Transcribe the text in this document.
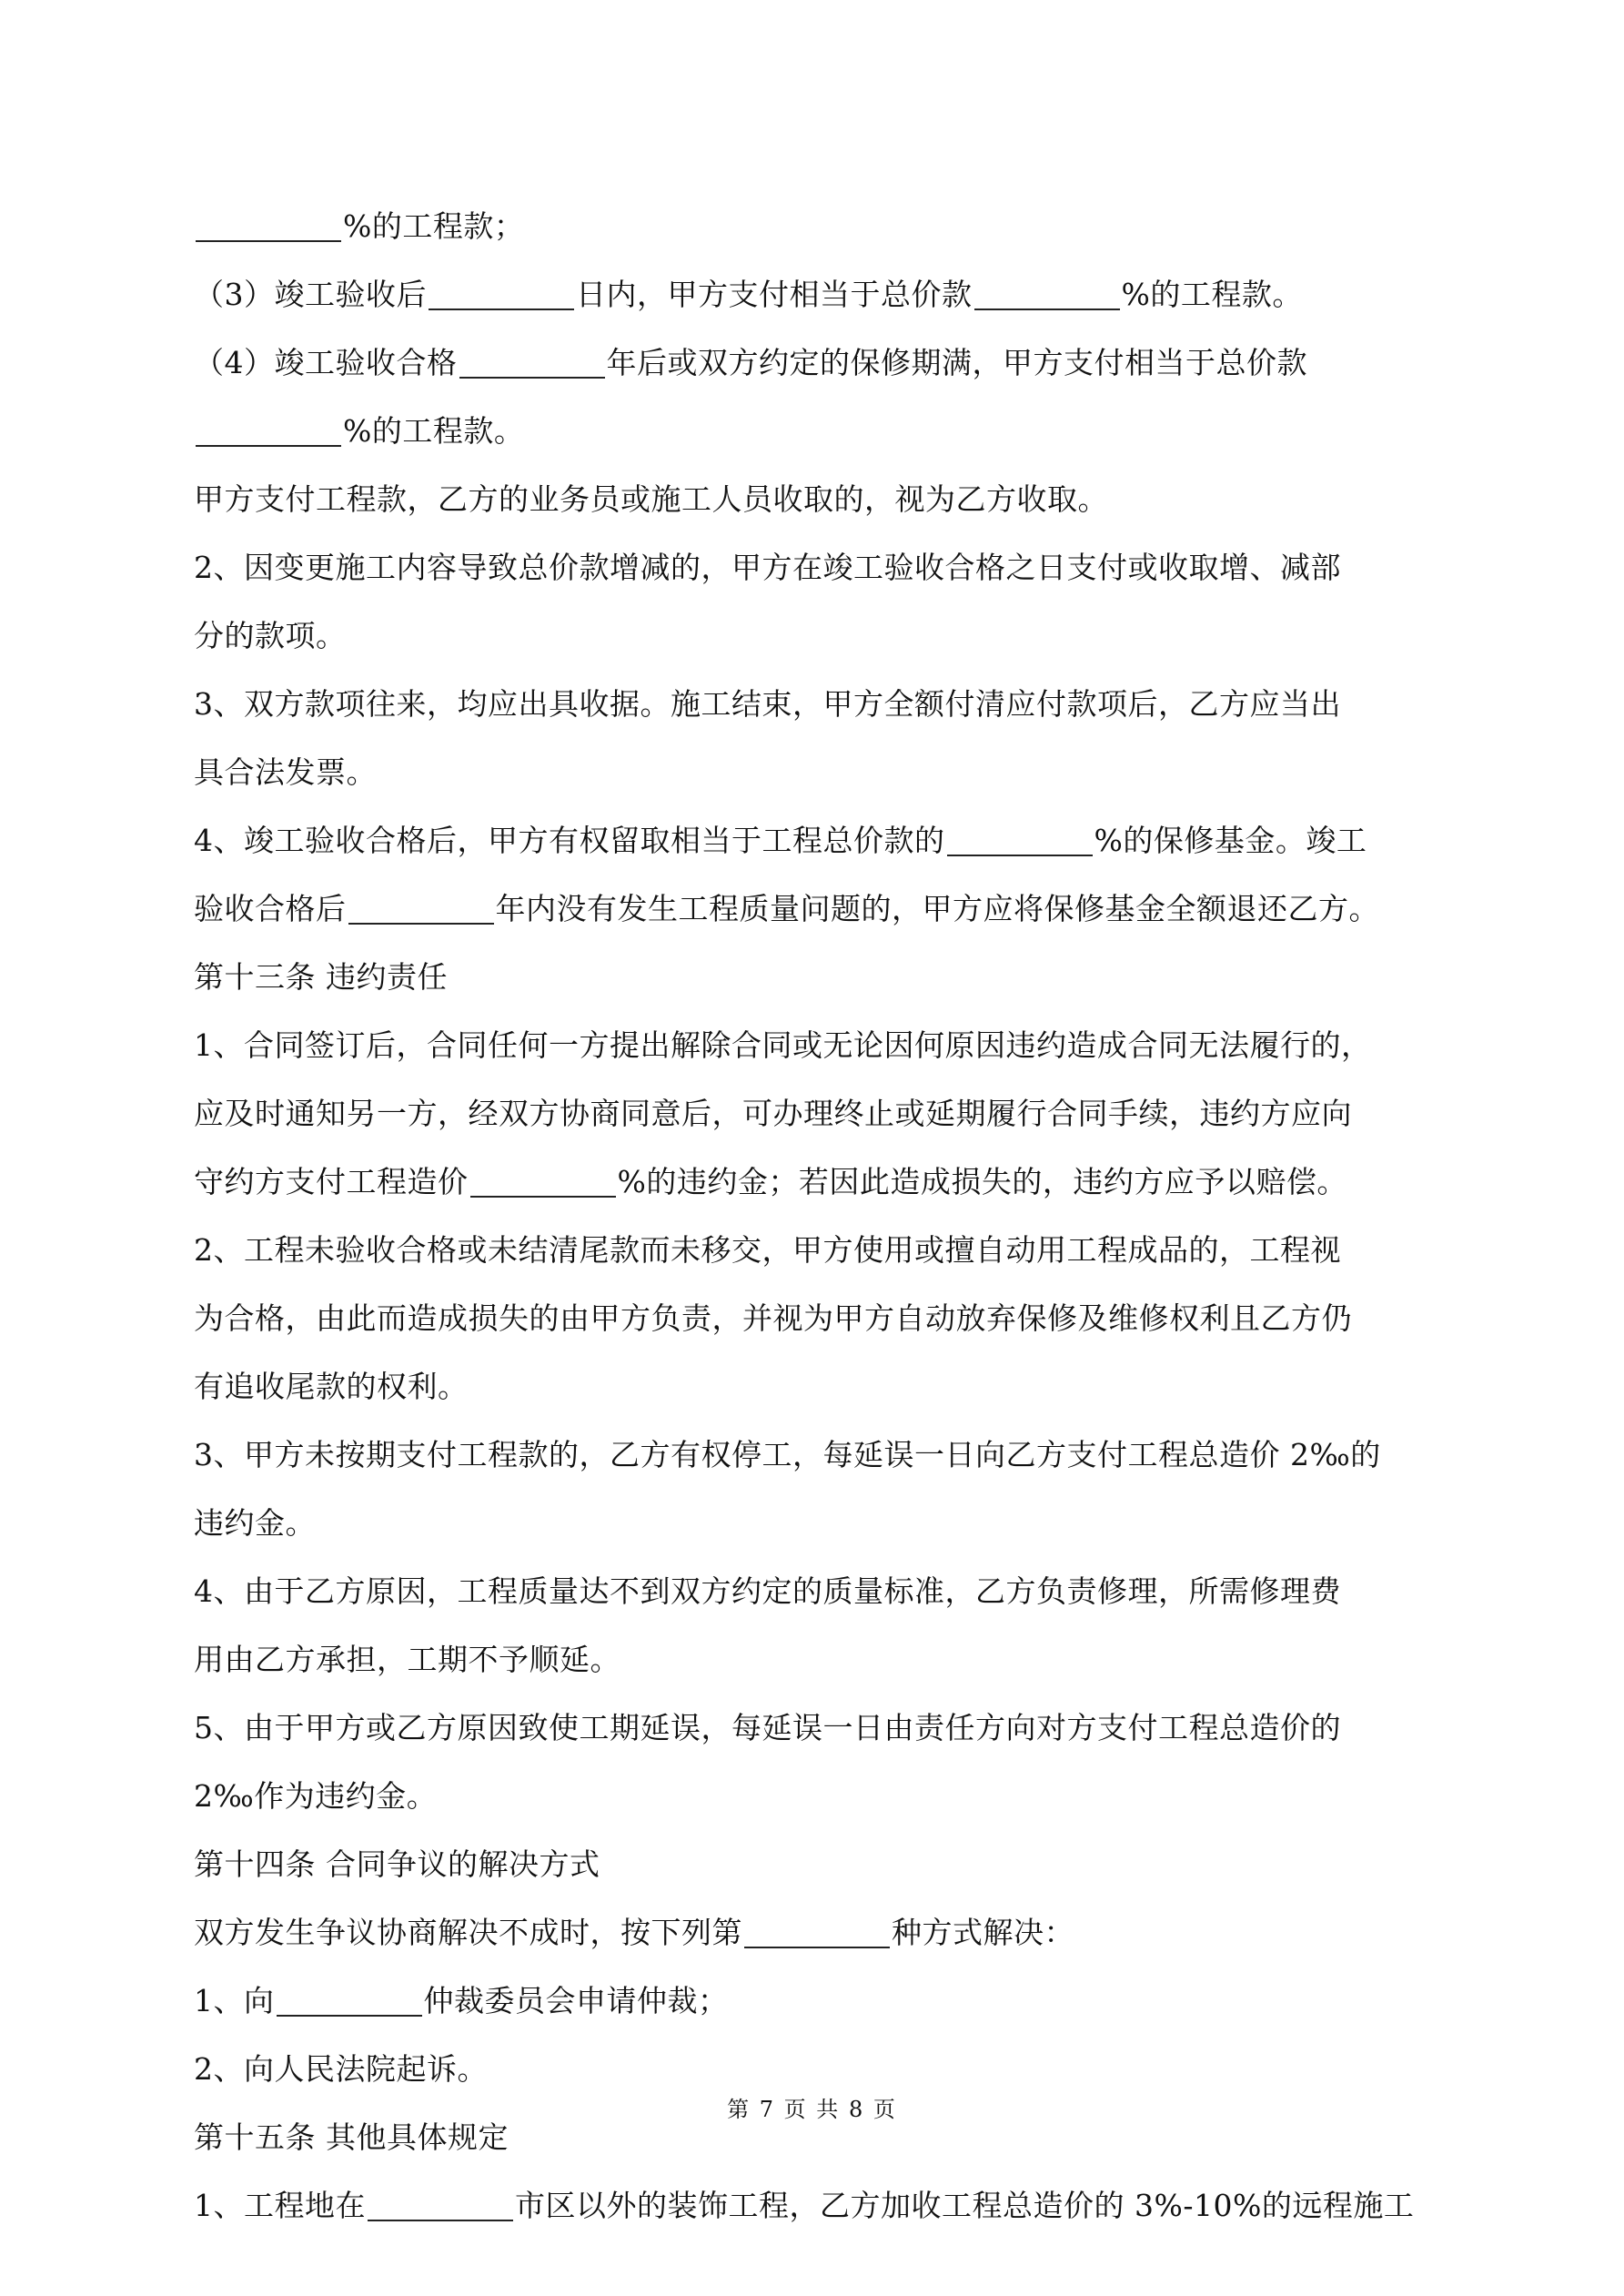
%的工程款；
（3）竣工验收后	日内，甲方支付相当于总价款	%的工程款。
（4）竣工验收合格	年后或双方约定的保修期满，甲方支付相当于总价款
%的工程款。
甲方支付工程款，乙方的业务员或施工人员收取的，视为乙方收取。
2、因变更施工内容导致总价款增减的，甲方在竣工验收合格之日支付或收取增、减部
分的款项。
3、双方款项往来，均应出具收据。施工结束，甲方全额付清应付款项后，乙方应当出
具合法发票。
4、竣工验收合格后，甲方有权留取相当于工程总价款的	%的保修基金。竣工
验收合格后	年内没有发生工程质量问题的，甲方应将保修基金全额退还乙方。
第十三条 违约责任
1、合同签订后，合同任何一方提出解除合同或无论因何原因违约造成合同无法履行的，
应及时通知另一方，经双方协商同意后，可办理终止或延期履行合同手续，违约方应向
守约方支付工程造价	%的违约金；若因此造成损失的，违约方应予以赔偿。
2、工程未验收合格或未结清尾款而未移交，甲方使用或擅自动用工程成品的，工程视
为合格，由此而造成损失的由甲方负责，并视为甲方自动放弃保修及维修权利且乙方仍
有追收尾款的权利。
3、甲方未按期支付工程款的，乙方有权停工，每延误一日向乙方支付工程总造价 2‰的
违约金。
4、由于乙方原因，工程质量达不到双方约定的质量标准，乙方负责修理，所需修理费
用由乙方承担，工期不予顺延。
5、由于甲方或乙方原因致使工期延误，每延误一日由责任方向对方支付工程总造价的
2‰作为违约金。
第十四条 合同争议的解决方式
双方发生争议协商解决不成时，按下列第	种方式解决：
1、向	仲裁委员会申请仲裁；
2、向人民法院起诉。
第十五条 其他具体规定
1、工程地在	市区以外的装饰工程，乙方加收工程总造价的 3%-10%的远程施工
第 7 页 共 8 页
